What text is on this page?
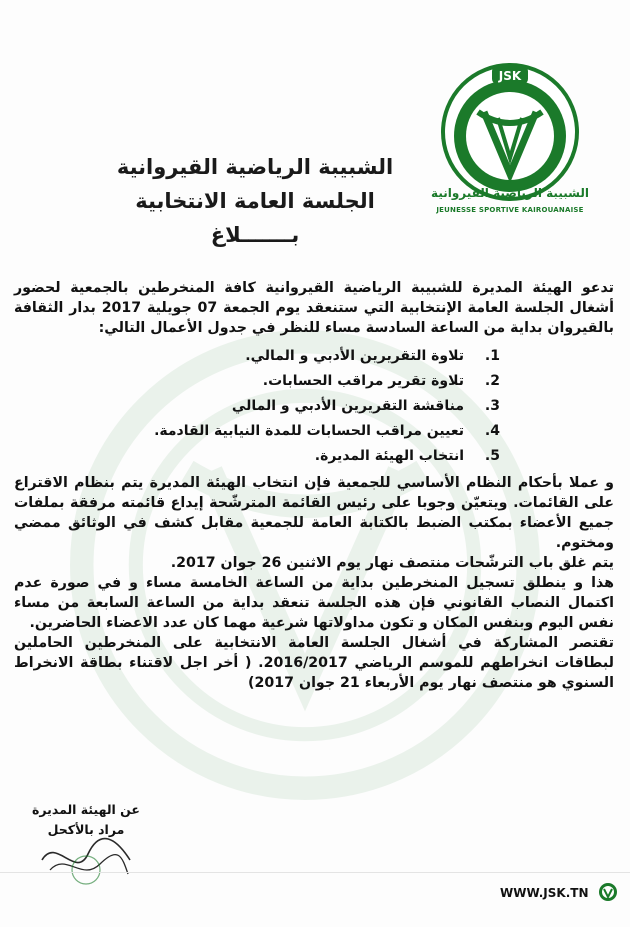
JSK
الشبيبة الرياضية القيروانية
JEUNESSE SPORTIVE KAIROUANAISE
الشبيبة الرياضية القيروانية
الجلسة العامة الانتخابية
بـــــــلاغ

تدعو الهيئة المديرة للشبيبة الرياضية القيروانية كافة المنخرطين بالجمعية لحضور أشغال الجلسة العامة الإنتخابية التي ستنعقد يوم الجمعة 07 جويلية 2017 بدار الثقافة بالقيروان بداية من الساعة السادسة مساء للنظر في جدول الأعمال التالي:

1.
تلاوة التقريرين الأدبي و المالي.
2.
تلاوة تقرير مراقب الحسابات.
3.
مناقشة التقريرين الأدبي و المالي
4.
تعيين مراقب الحسابات للمدة النيابية القادمة.
5.
انتخاب الهيئة المديرة.

و عملا بأحكام النظام الأساسي للجمعية فإن انتخاب الهيئة المديرة يتم بنظام الاقتراع على القائمات. ويتعيّن وجوبا على رئيس القائمة المترشّحة إيداع قائمته مرفقة بملفات جميع الأعضاء بمكتب الضبط بالكتابة العامة للجمعية مقابل كشف في الوثائق ممضي ومختوم.

يتم غلق باب الترشّحات منتصف نهار يوم الاثنين 26 جوان 2017.

هذا و ينطلق تسجيل المنخرطين بداية من الساعة الخامسة مساء و في صورة عدم اكتمال النصاب القانوني فإن هذه الجلسة تنعقد بداية من الساعة السابعة من مساء نفس اليوم وبنفس المكان و تكون مداولاتها شرعية مهما كان عدد الاعضاء الحاضرين.

تقتصر المشاركة في أشغال الجلسة العامة الانتخابية على المنخرطين الحاملين لبطاقات انخراطهم للموسم الرياضي 2016/2017. ( أخر اجل لاقتناء بطاقة الانخراط السنوي هو منتصف نهار يوم الأربعاء 21 جوان 2017)

عن الهيئة المديرة
مراد بالأكحل
WWW.JSK.TN
